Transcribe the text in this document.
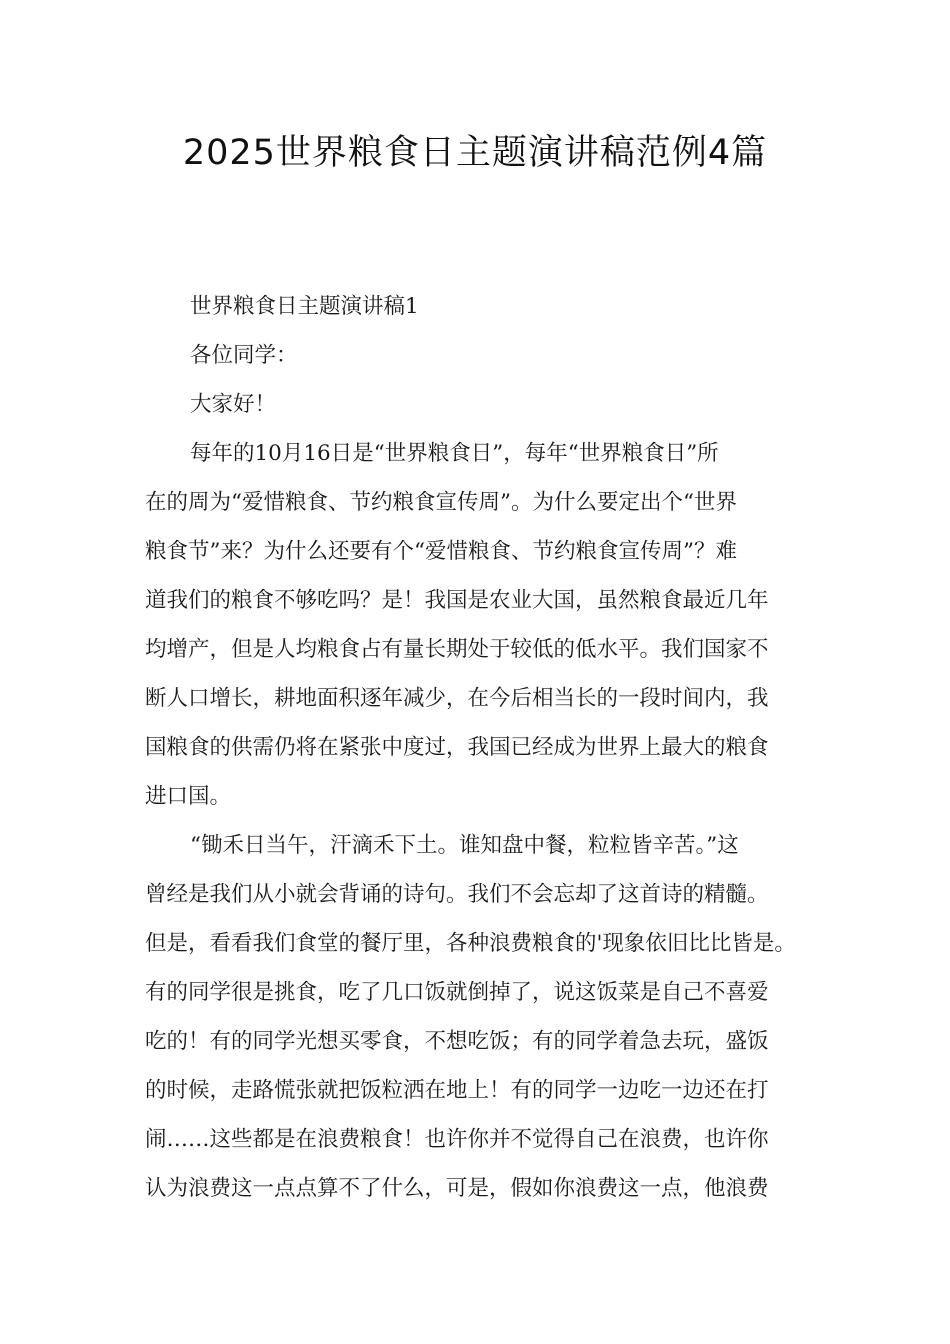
2025世界粮食日主题演讲稿范例4篇
世界粮食日主题演讲稿1
各位同学：
大家好！
每年的10月16日是“世界粮食日”，每年“世界粮食日”所
在的周为“爱惜粮食、节约粮食宣传周”。为什么要定出个“世界
粮食节”来？为什么还要有个“爱惜粮食、节约粮食宣传周”？难
道我们的粮食不够吃吗？是！我国是农业大国，虽然粮食最近几年
均增产，但是人均粮食占有量长期处于较低的低水平。我们国家不
断人口增长，耕地面积逐年减少，在今后相当长的一段时间内，我
国粮食的供需仍将在紧张中度过，我国已经成为世界上最大的粮食
进口国。
“锄禾日当午，汗滴禾下土。谁知盘中餐，粒粒皆辛苦。”这
曾经是我们从小就会背诵的诗句。我们不会忘却了这首诗的精髓。
但是，看看我们食堂的餐厅里，各种浪费粮食的'现象依旧比比皆是。
有的同学很是挑食，吃了几口饭就倒掉了，说这饭菜是自己不喜爱
吃的！有的同学光想买零食，不想吃饭；有的同学着急去玩，盛饭
的时候，走路慌张就把饭粒洒在地上！有的同学一边吃一边还在打
闹……这些都是在浪费粮食！也许你并不觉得自己在浪费，也许你
认为浪费这一点点算不了什么，可是，假如你浪费这一点，他浪费
